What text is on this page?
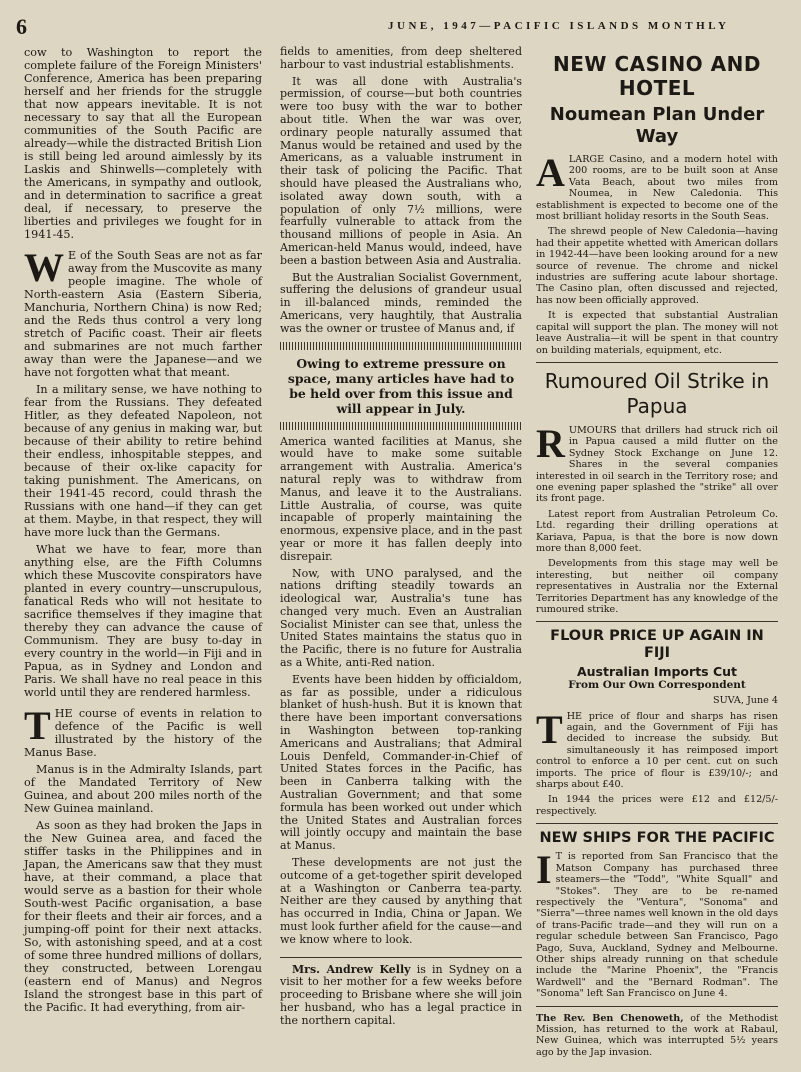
6	JUNE, 1947—PACIFIC ISLANDS MONTHLY

cow to Washington to report the complete failure of the Foreign Ministers' Conference, America has been preparing herself and her friends for the struggle that now appears inevitable. It is not necessary to say that all the European communities of the South Pacific are already—while the distracted British Lion is still being led around aimlessly by its Laskis and Shinwells—completely with the Americans, in sympathy and outlook, and in determination to sacrifice a great deal, if necessary, to preserve the liberties and privileges we fought for in 1941-45.

W E of the South Seas are not as far away from the Muscovite as many people imagine. The whole of North-eastern Asia (Eastern Siberia, Manchuria, Northern China) is now Red; and the Reds thus control a very long stretch of Pacific coast. Their air fleets and submarines are not much farther away than were the Japanese—and we have not forgotten what that meant.

In a military sense, we have nothing to fear from the Russians. They defeated Hitler, as they defeated Napoleon, not because of any genius in making war, but because of their ability to retire behind their endless, inhospitable steppes, and because of their ox-like capacity for taking punishment. The Americans, on their 1941-45 record, could thrash the Russians with one hand—if they can get at them. Maybe, in that respect, they will have more luck than the Germans.

What we have to fear, more than anything else, are the Fifth Columns which these Muscovite conspirators have planted in every country—unscrupulous, fanatical Reds who will not hesitate to sacrifice themselves if they imagine that thereby they can advance the cause of Communism. They are busy to-day in every country in the world—in Fiji and in Papua, as in Sydney and London and Paris. We shall have no real peace in this world until they are rendered harmless.

THE course of events in relation to defence of the Pacific is well illustrated by the history of the Manus Base.

Manus is in the Admiralty Islands, part of the Mandated Territory of New Guinea, and about 200 miles north of the New Guinea mainland.

As soon as they had broken the Japs in the New Guinea area, and faced the stiffer tasks in the Philippines and in Japan, the Americans saw that they must have, at their command, a place that would serve as a bastion for their whole South-west Pacific organisation, a base for their fleets and their air forces, and a jumping-off point for their next attacks. So, with astonishing speed, and at a cost of some three hundred millions of dollars, they constructed, between Lorengau (eastern end of Manus) and Negros Island the strongest base in this part of the Pacific. It had everything, from air-

fields to amenities, from deep sheltered harbour to vast industrial establishments.

It was all done with Australia's permission, of course—but both countries were too busy with the war to bother about title. When the war was over, ordinary people naturally assumed that Manus would be retained and used by the Americans, as a valuable instrument in their task of policing the Pacific. That should have pleased the Australians who, isolated away down south, with a population of only 7½ millions, were fearfully vulnerable to attack from the thousand millions of people in Asia. An American-held Manus would, indeed, have been a bastion between Asia and Australia.

But the Australian Socialist Government, suffering the delusions of grandeur usual in ill-balanced minds, reminded the Americans, very haughtily, that Australia was the owner or trustee of Manus and, if

Owing to extreme pressure on space, many articles have had to be held over from this issue and will appear in July.

America wanted facilities at Manus, she would have to make some suitable arrangement with Australia. America's natural reply was to withdraw from Manus, and leave it to the Australians. Little Australia, of course, was quite incapable of properly maintaining the enormous, expensive place, and in the past year or more it has fallen deeply into disrepair.

Now, with UNO paralysed, and the nations drifting steadily towards an ideological war, Australia's tune has changed very much. Even an Australian Socialist Minister can see that, unless the United States maintains the status quo in the Pacific, there is no future for Australia as a White, anti-Red nation.

Events have been hidden by officialdom, as far as possible, under a ridiculous blanket of hush-hush. But it is known that there have been important conversations in Washington between top-ranking Americans and Australians; that Admiral Louis Denfeld, Commander-in-Chief of United States forces in the Pacific, has been in Canberra talking with the Australian Government; and that some formula has been worked out under which the United States and Australian forces will jointly occupy and maintain the base at Manus.

These developments are not just the outcome of a get-together spirit developed at a Washington or Canberra tea-party. Neither are they caused by anything that has occurred in India, China or Japan. We must look further afield for the cause—and we know where to look.

Mrs. Andrew Kelly is in Sydney on a visit to her mother for a few weeks before proceeding to Brisbane where she will join her husband, who has a legal practice in the northern capital.

NEW CASINO AND HOTEL
Noumean Plan Under Way

A LARGE Casino, and a modern hotel with 200 rooms, are to be built soon at Anse Vata Beach, about two miles from Noumea, in New Caledonia. This establishment is expected to become one of the most brilliant holiday resorts in the South Seas.

The shrewd people of New Caledonia—having had their appetite whetted with American dollars in 1942-44—have been looking around for a new source of revenue. The chrome and nickel industries are suffering acute labour shortage. The Casino plan, often discussed and rejected, has now been officially approved.

It is expected that substantial Australian capital will support the plan. The money will not leave Australia—it will be spent in that country on building materials, equipment, etc.

Rumoured Oil Strike in Papua

RUMOURS that drillers had struck rich oil in Papua caused a mild flutter on the Sydney Stock Exchange on June 12. Shares in the several companies interested in oil search in the Territory rose; and one evening paper splashed the "strike" all over its front page.

Latest report from Australian Petroleum Co. Ltd. regarding their drilling operations at Kariava, Papua, is that the bore is now down more than 8,000 feet.

Developments from this stage may well be interesting, but neither oil company representatives in Australia nor the External Territories Department has any knowledge of the rumoured strike.

FLOUR PRICE UP AGAIN IN FIJI
Australian Imports Cut
From Our Own Correspondent

SUVA, June 4

THE price of flour and sharps has risen again, and the Government of Fiji has decided to increase the subsidy. But simultaneously it has reimposed import control to enforce a 10 per cent. cut on such imports. The price of flour is £39/10/-; and sharps about £40.

In 1944 the prices were £12 and £12/5/- respectively.

NEW SHIPS FOR THE PACIFIC

I T is reported from San Francisco that the Matson Company has purchased three steamers—the "Todd", "White Squall" and "Stokes". They are to be re-named respectively the "Ventura", "Sonoma" and "Sierra"—three names well known in the old days of trans-Pacific trade—and they will run on a regular schedule between San Francisco, Pago Pago, Suva, Auckland, Sydney and Melbourne. Other ships already running on that schedule include the "Marine Phoenix", the "Francis Wardwell" and the "Bernard Rodman". The "Sonoma" left San Francisco on June 4.

The Rev. Ben Chenoweth, of the Methodist Mission, has returned to the work at Rabaul, New Guinea, which was interrupted 5½ years ago by the Jap invasion.
